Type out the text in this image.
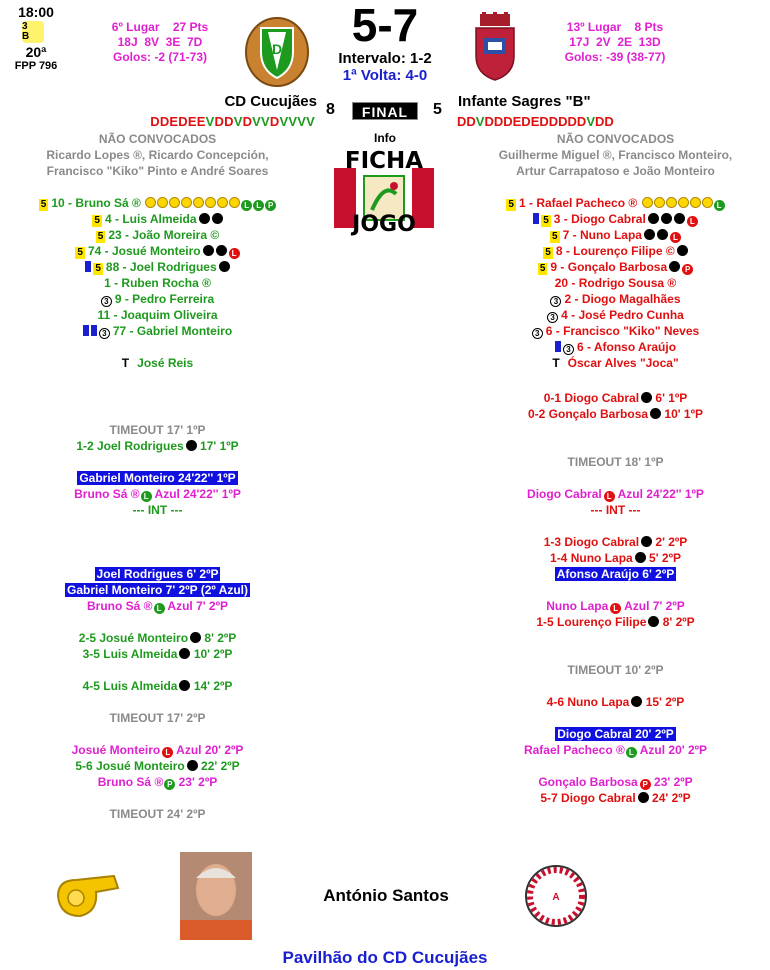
18:00
3
B
20ª
FPP 796
6º Lugar    27 Pts
18J  8V  3E  7D
Golos: -2 (71-73)	D	5-7
Intervalo: 1-2
1ª Volta: 4-0
13º Lugar    8 Pts
17J  2V  2E  13D
Golos: -39 (38-77)
CD Cucujães 8	FINAL	5 Infante Sagres "B"
DDEDEEVDDVDVVDVVVV	DDVDDDEDEDDDDDVDD
Info
FICHA
JOGO
NÃO CONVOCADOS
Ricardo Lopes ®, Ricardo Concepción, Francisco "Kiko" Pinto e André Soares
NÃO CONVOCADOS
Guilherme Miguel ®, Francisco Monteiro, Artur Carrapatoso e João Monteiro
5 10 - Bruno Sá ®	L L P
5 4 - Luis Almeida
5 23 - João Moreira ©
5 74 - Josué Monteiro	L
5 88 - Joel Rodrigues
1 - Ruben Rocha ®
3 9 - Pedro Ferreira
11 - Joaquim Oliveira
3 77 - Gabriel Monteiro
T José Reis
5 1 - Rafael Pacheco ®	L
5 3 - Diogo Cabral	L
5 7 - Nuno Lapa	L
5 8 - Lourenço Filipe ©
5 9 - Gonçalo Barbosa P
20 - Rodrigo Sousa ®
3 2 - Diogo Magalhães
3 4 - José Pedro Cunha
3 6 - Francisco "Kiko" Neves
3 6 - Afonso Araújo
T Óscar Alves "Joca"
TIMEOUT 17' 1ºP
1-2 Joel Rodrigues 17' 1ºP
Gabriel Monteiro 24'22'' 1ºP
Bruno Sá ® L Azul 24'22'' 1ºP
--- INT ---
Joel Rodrigues 6' 2ºP
Gabriel Monteiro 7' 2ºP (2º Azul)
Bruno Sá ® L Azul 7' 2ºP
2-5 Josué Monteiro 8' 2ºP
3-5 Luis Almeida 10' 2ºP
4-5 Luis Almeida 14' 2ºP
TIMEOUT 17' 2ºP
Josué Monteiro L Azul 20' 2ºP
5-6 Josué Monteiro 22' 2ºP
Bruno Sá ® P 23' 2ºP
TIMEOUT 24' 2ºP
0-1 Diogo Cabral 6' 1ºP
0-2 Gonçalo Barbosa 10' 1ºP
TIMEOUT 18' 1ºP
Diogo Cabral L Azul 24'22'' 1ºP
--- INT ---
1-3 Diogo Cabral 2' 2ºP
1-4 Nuno Lapa 5' 2ºP
Afonso Araújo 6' 2ºP
Nuno Lapa L Azul 7' 2ºP
1-5 Lourenço Filipe 8' 2ºP
TIMEOUT 10' 2ºP
4-6 Nuno Lapa 15' 2ºP
Diogo Cabral 20' 2ºP
Rafael Pacheco ® L Azul 20' 2ºP
Gonçalo Barbosa P 23' 2ºP
5-7 Diogo Cabral 24' 2ºP
António Santos	A
Pavilhão do CD Cucujães
